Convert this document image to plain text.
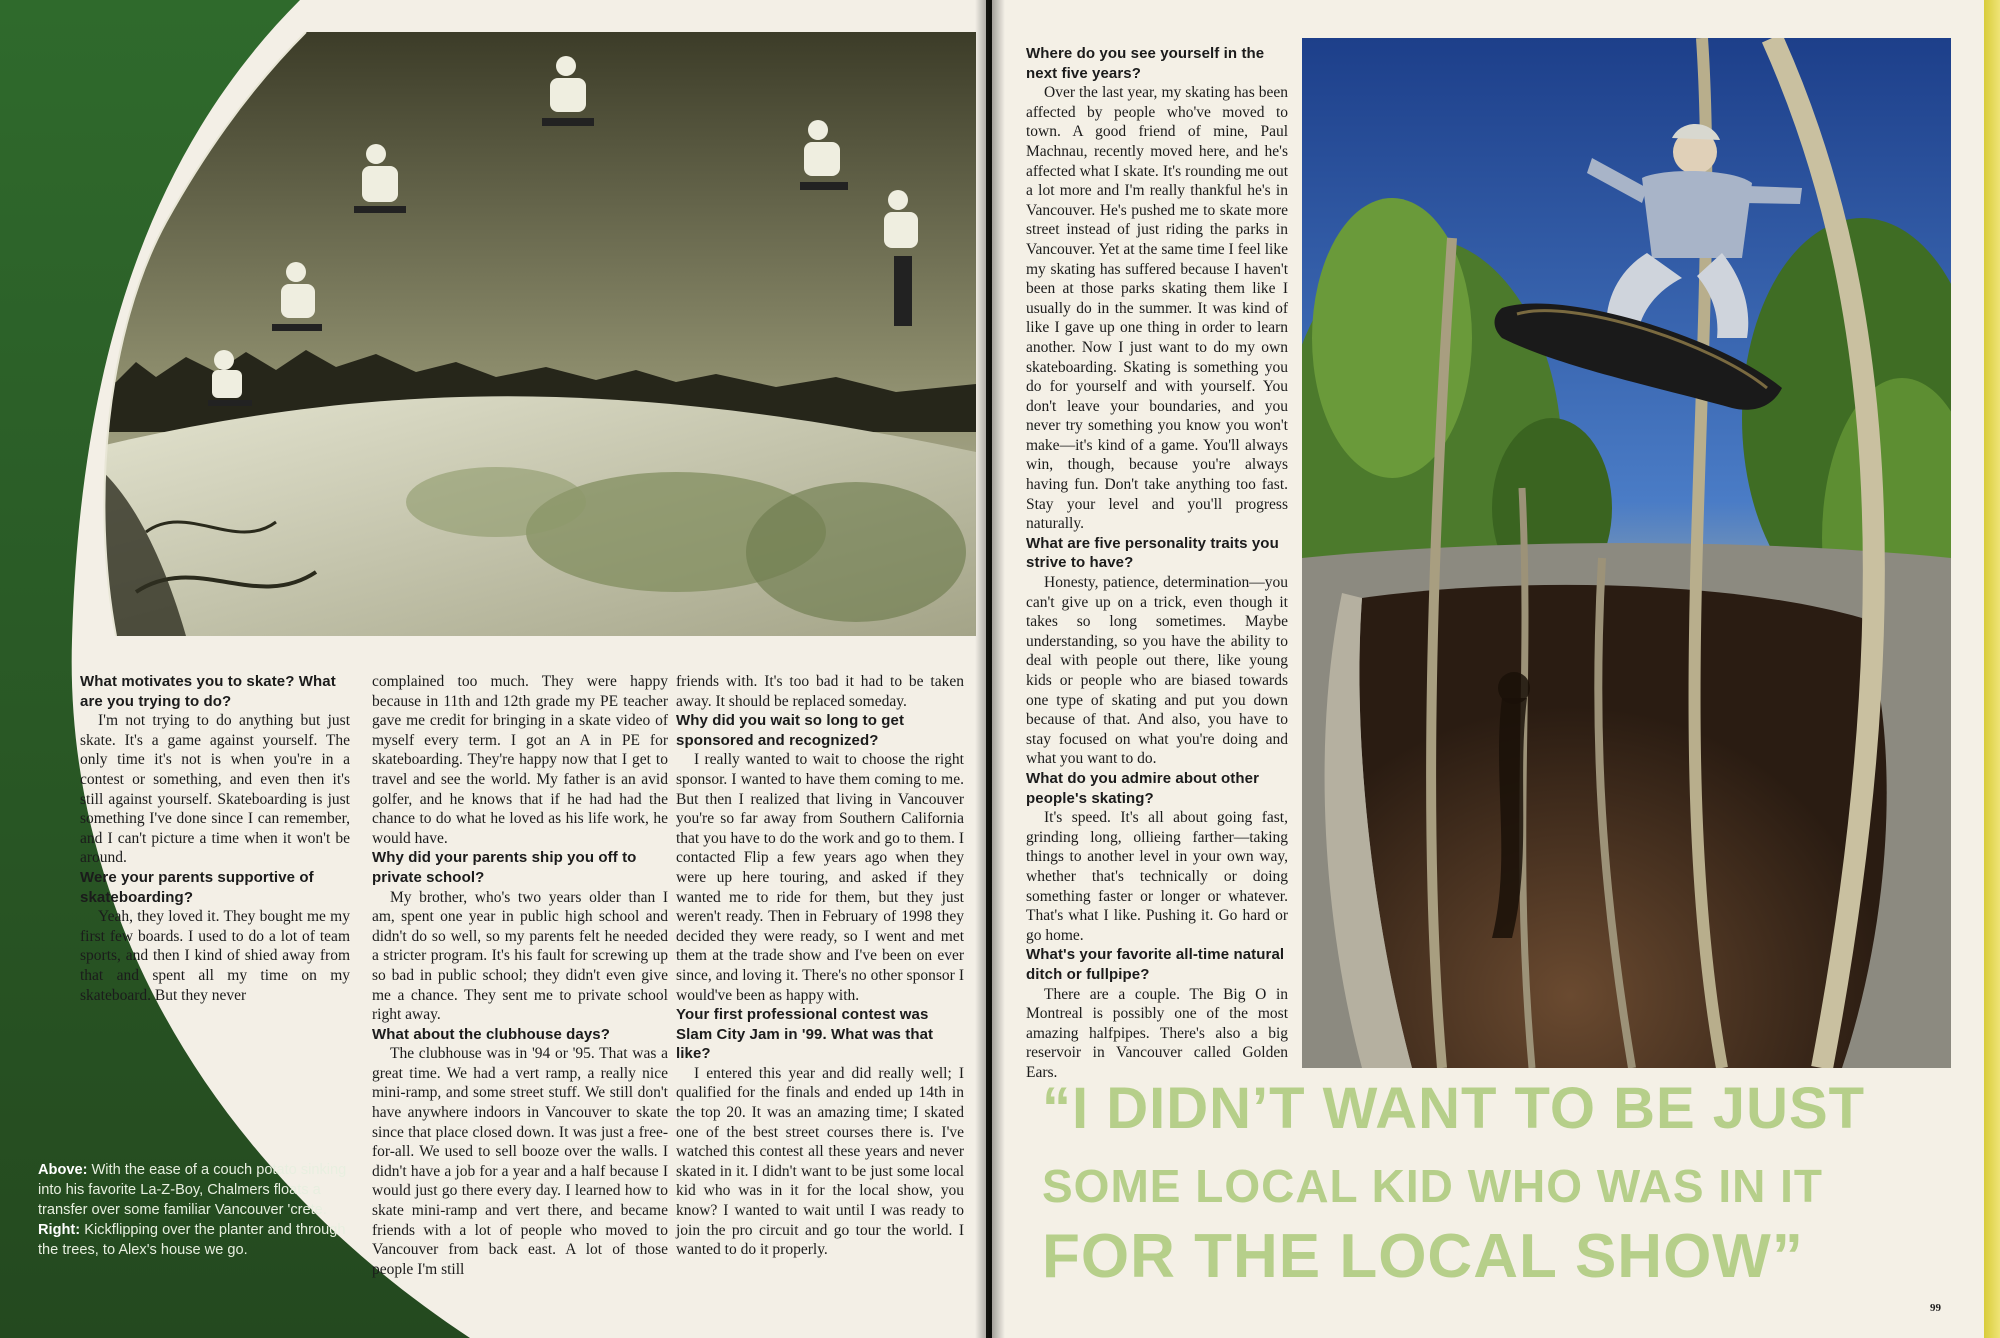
What motivates you to skate? What are you trying to do?

I'm not trying to do anything but just skate. It's a game against yourself. The only time it's not is when you're in a contest or something, and even then it's still against yourself. Skateboarding is just something I've done since I can remember, and I can't picture a time when it won't be around.

Were your parents supportive of skateboarding?

Yeah, they loved it. They bought me my first few boards. I used to do a lot of team sports, and then I kind of shied away from that and spent all my time on my skateboard. But they never

complained too much. They were happy because in 11th and 12th grade my PE teacher gave me credit for bringing in a skate video of myself every term. I got an A in PE for skateboarding. They're happy now that I get to travel and see the world. My father is an avid golfer, and he knows that if he had had the chance to do what he loved as his life work, he would have.

Why did your parents ship you off to private school?

My brother, who's two years older than I am, spent one year in public high school and didn't do so well, so my parents felt he needed a stricter program. It's his fault for screwing up so bad in public school; they didn't even give me a chance. They sent me to private school right away.

What about the clubhouse days?

The clubhouse was in '94 or '95. That was a great time. We had a vert ramp, a really nice mini-ramp, and some street stuff. We still don't have anywhere indoors in Vancouver to skate since that place closed down. It was just a free-for-all. We used to sell booze over the walls. I didn't have a job for a year and a half because I would just go there every day. I learned how to skate mini-ramp and vert there, and became friends with a lot of people who moved to Vancouver from back east. A lot of those people I'm still

friends with. It's too bad it had to be taken away. It should be replaced someday.

Why did you wait so long to get sponsored and recognized?

I really wanted to wait to choose the right sponsor. I wanted to have them coming to me. But then I realized that living in Vancouver you're so far away from Southern California that you have to do the work and go to them. I contacted Flip a few years ago when they were up here touring, and asked if they wanted me to ride for them, but they just weren't ready. Then in February of 1998 they decided they were ready, so I went and met them at the trade show and I've been on ever since, and loving it. There's no other sponsor I would've been as happy with.

Your first professional contest was Slam City Jam in '99. What was that like?

I entered this year and did really well; I qualified for the finals and ended up 14th in the top 20. It was an amazing time; I skated one of the best street courses there is. I've watched this contest all these years and never skated in it. I didn't want to be just some local kid who was in it for the local show, you know? I wanted to wait until I was ready to join the pro circuit and go tour the world. I wanted to do it properly.

Above: With the ease of a couch potato sinking into his favorite La-Z-Boy, Chalmers floats a transfer over some familiar Vancouver 'crete. Right: Kickflipping over the planter and through the trees, to Alex's house we go.

Where do you see yourself in the next five years?

Over the last year, my skating has been affected by people who've moved to town. A good friend of mine, Paul Machnau, recently moved here, and he's affected what I skate. It's rounding me out a lot more and I'm really thankful he's in Vancouver. He's pushed me to skate more street instead of just riding the parks in Vancouver. Yet at the same time I feel like my skating has suffered because I haven't been at those parks skating them like I usually do in the summer. It was kind of like I gave up one thing in order to learn another. Now I just want to do my own skateboarding. Skating is something you do for yourself and with yourself. You don't leave your boundaries, and you never try something you know you won't make—it's kind of a game. You'll always win, though, because you're always having fun. Don't take anything too fast. Stay your level and you'll progress naturally.

What are five personality traits you strive to have?

Honesty, patience, determination—you can't give up on a trick, even though it takes so long sometimes. Maybe understanding, so you have the ability to deal with people out there, like young kids or people who are biased towards one type of skating and put you down because of that. And also, you have to stay focused on what you're doing and what you want to do.

What do you admire about other people's skating?

It's speed. It's all about going fast, grinding long, ollieing farther—taking things to another level in your own way, whether that's technically or doing something faster or longer or whatever. That's what I like. Pushing it. Go hard or go home.

What's your favorite all-time natural ditch or fullpipe?

There are a couple. The Big O in Montreal is possibly one of the most amazing halfpipes. There's also a big reservoir in Vancouver called Golden Ears.

“I DIDN’T WANT TO BE JUST
SOME LOCAL KID WHO WAS IN IT
FOR THE LOCAL SHOW”
99
